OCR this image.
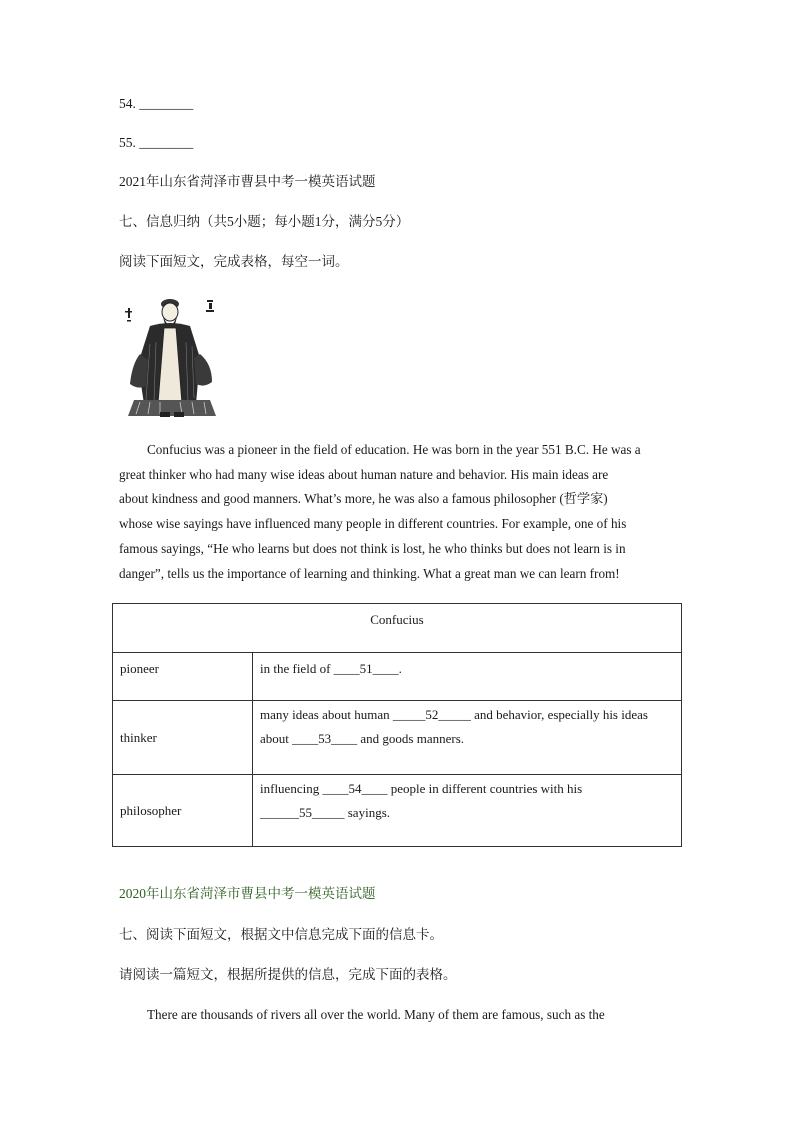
54. ________
55. ________
2021年山东省菏泽市曹县中考一模英语试题
七、信息归纳（共5小题；每小题1分，满分5分）
阅读下面短文，完成表格，每空一词。
Confucius was a pioneer in the field of education. He was born in the year 551 B.C. He was a
great thinker who had many wise ideas about human nature and behavior. His main ideas are
about kindness and good manners. What’s more, he was also a famous philosopher (哲学家)
whose wise sayings have influenced many people in different countries. For example, one of his
famous sayings, “He who learns but does not think is lost, he who thinks but does not learn is in
danger”, tells us the importance of learning and thinking. What a great man we can learn from!
Confucius	
pioneer	in the field of ____51____.
thinker	many ideas about human _____52_____ and behavior, especially his ideas
about ____53____ and goods manners.

philosopher	influencing ____54____ people in different countries with his
______55_____ sayings.
2020年山东省菏泽市曹县中考一模英语试题
七、阅读下面短文，根据文中信息完成下面的信息卡。
请阅读一篇短文，根据所提供的信息，完成下面的表格。
There are thousands of rivers all over the world. Many of them are famous, such as the
